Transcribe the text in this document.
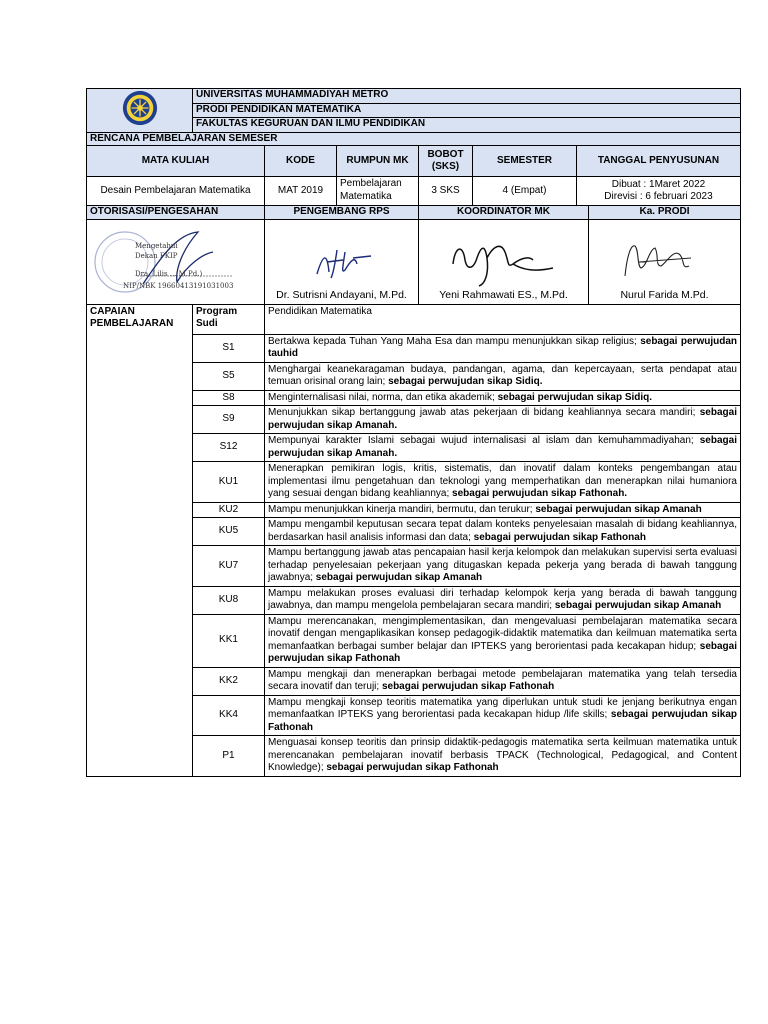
	UNIVERSITAS MUHAMMADIYAH METRO
PRODI PENDIDIKAN MATEMATIKA
FAKULTAS KEGURUAN DAN ILMU PENDIDIKAN
RENCANA PEMBELAJARAN SEMESER
MATA KULIAH	KODE	RUMPUN MK	BOBOT (SKS)	SEMESTER	TANGGAL PENYUSUNAN
Desain Pembelajaran Matematika	MAT 2019	Pembelajaran Matematika	3 SKS	4 (Empat)	Dibuat : 1Maret 2022
Direvisi : 6 februari 2023
OTORISASI/PENGESAHAN	PENGEMBANG RPS	KOORDINATOR MK	Ka. PRODI

Mengetahui
Dekan FKIP
Dra. Lilis ... M.Pd.)
NIP/NBK 19660413191031003	Dr. Sutrisni Andayani, M.Pd.	Yeni Rahmawati ES., M.Pd.	Nurul Farida M.Pd.
CAPAIAN PEMBELAJARAN	Program Sudi	Pendidikan Matematika
	S1	Bertakwa kepada Tuhan Yang Maha Esa dan mampu menunjukkan sikap religius; sebagai perwujudan tauhid
	S5	Menghargai keanekaragaman budaya, pandangan, agama, dan kepercayaan, serta pendapat atau temuan orisinal orang lain; sebagai perwujudan sikap Sidiq.
	S8	Menginternalisasi nilai, norma, dan etika akademik; sebagai perwujudan sikap Sidiq.
	S9	Menunjukkan sikap bertanggung jawab atas pekerjaan di bidang keahliannya secara mandiri; sebagai perwujudan sikap Amanah.
	S12	Mempunyai karakter Islami sebagai wujud internalisasi al islam dan kemuhammadiyahan; sebagai perwujudan sikap Amanah.
	KU1	Menerapkan pemikiran logis, kritis, sistematis, dan inovatif dalam konteks pengembangan atau implementasi ilmu pengetahuan dan teknologi yang memperhatikan dan menerapkan nilai humaniora yang sesuai dengan bidang keahliannya; sebagai perwujudan sikap Fathonah.
	KU2	Mampu menunjukkan kinerja mandiri, bermutu, dan terukur; sebagai perwujudan sikap Amanah
	KU5	Mampu mengambil keputusan secara tepat dalam konteks penyelesaian masalah di bidang keahliannya, berdasarkan hasil analisis informasi dan data; sebagai perwujudan sikap Fathonah
	KU7	Mampu bertanggung jawab atas pencapaian hasil kerja kelompok dan melakukan supervisi serta evaluasi terhadap penyelesaian pekerjaan yang ditugaskan kepada pekerja yang berada di bawah tanggung jawabnya; sebagai perwujudan sikap Amanah
	KU8	Mampu melakukan proses evaluasi diri terhadap kelompok kerja yang berada di bawah tanggung jawabnya, dan mampu mengelola pembelajaran secara mandiri; sebagai perwujudan sikap Amanah
	KK1	Mampu merencanakan, mengimplementasikan, dan mengevaluasi pembelajaran matematika secara inovatif dengan mengaplikasikan konsep pedagogik-didaktik matematika dan keilmuan matematika serta memanfaatkan berbagai sumber belajar dan IPTEKS yang berorientasi pada kecakapan hidup; sebagai perwujudan sikap Fathonah
	KK2	Mampu mengkaji dan menerapkan berbagai metode pembelajaran matematika yang telah tersedia secara inovatif dan teruji; sebagai perwujudan sikap Fathonah
	KK4	Mampu mengkaji konsep teoritis matematika yang diperlukan untuk studi ke jenjang berikutnya engan memanfaatkan IPTEKS yang berorientasi pada kecakapan hidup /life skills; sebagai perwujudan sikap Fathonah
	P1	Menguasai konsep teoritis dan prinsip didaktik-pedagogis matematika serta keilmuan matematika untuk merencanakan pembelajaran inovatif berbasis TPACK (Technological, Pedagogical, and Content Knowledge); sebagai perwujudan sikap Fathonah
